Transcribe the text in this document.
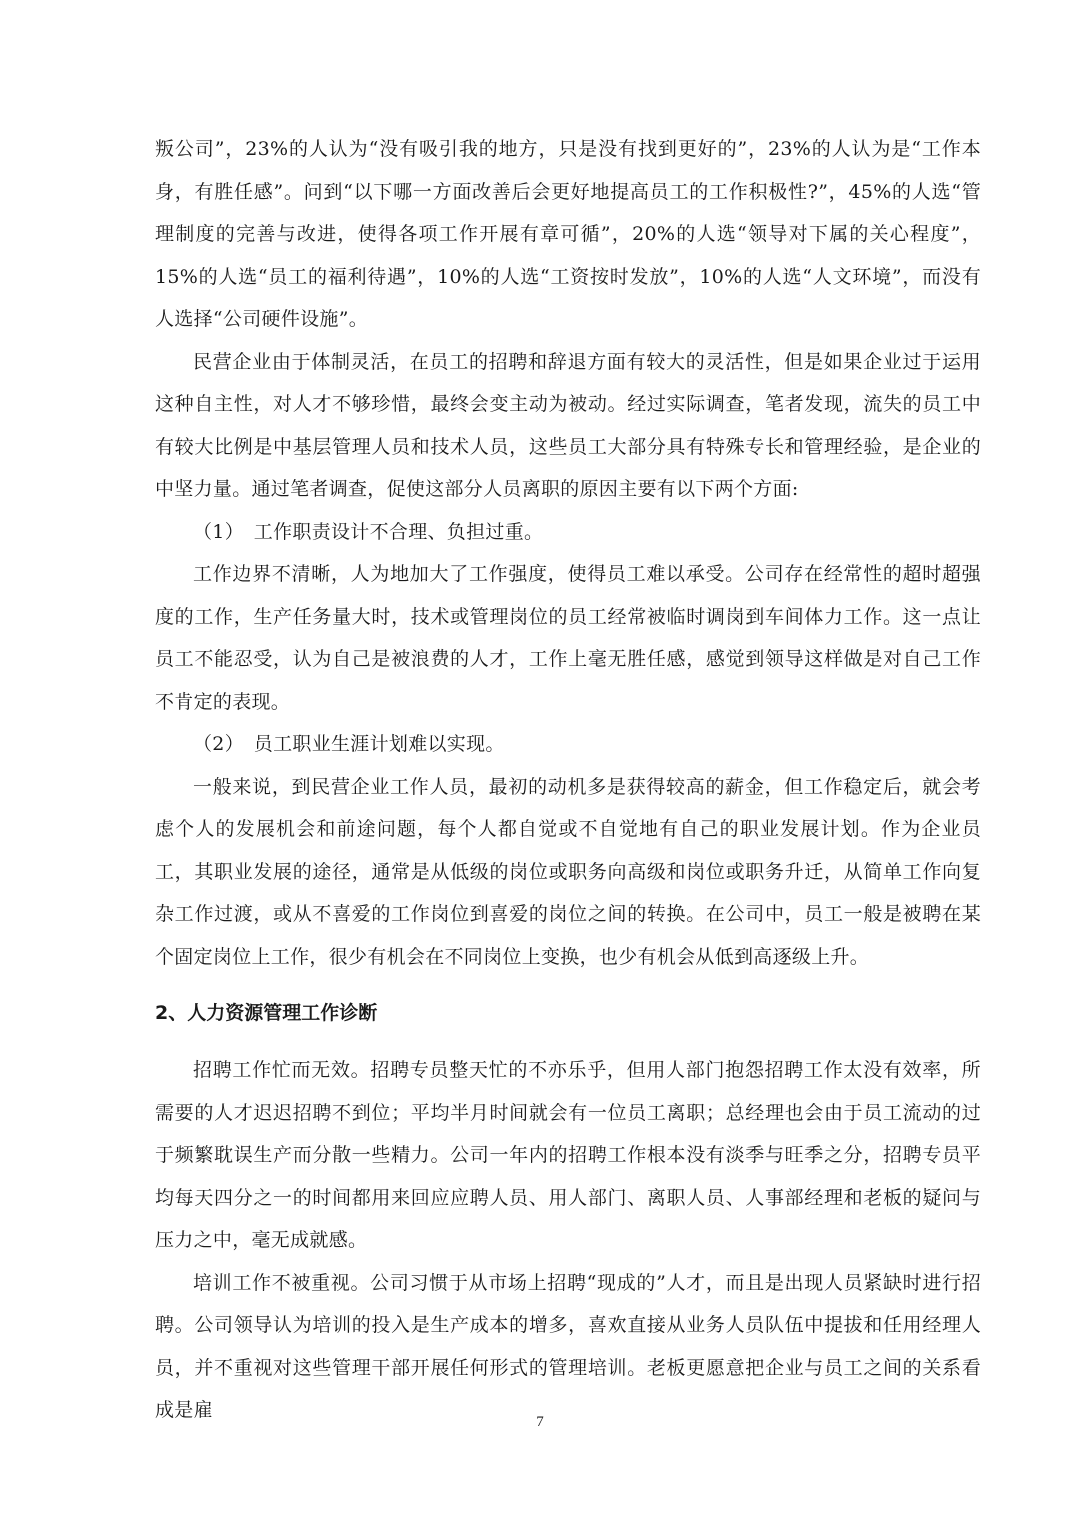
叛公司”，23%的人认为“没有吸引我的地方，只是没有找到更好的”，23%的人认为是“工作本身，有胜任感”。问到“以下哪一方面改善后会更好地提高员工的工作积极性?”，45%的人选“管理制度的完善与改进，使得各项工作开展有章可循”，20%的人选“领导对下属的关心程度”，15%的人选“员工的福利待遇”，10%的人选“工资按时发放”，10%的人选“人文环境”，而没有人选择“公司硬件设施”。

民营企业由于体制灵活，在员工的招聘和辞退方面有较大的灵活性，但是如果企业过于运用这种自主性，对人才不够珍惜，最终会变主动为被动。经过实际调查，笔者发现，流失的员工中有较大比例是中基层管理人员和技术人员，这些员工大部分具有特殊专长和管理经验，是企业的中坚力量。通过笔者调查，促使这部分人员离职的原因主要有以下两个方面:

（1）　工作职责设计不合理、负担过重。

工作边界不清晰，人为地加大了工作强度，使得员工难以承受。公司存在经常性的超时超强度的工作，生产任务量大时，技术或管理岗位的员工经常被临时调岗到车间体力工作。这一点让员工不能忍受，认为自己是被浪费的人才，工作上毫无胜任感，感觉到领导这样做是对自己工作不肯定的表现。

（2）　员工职业生涯计划难以实现。

一般来说，到民营企业工作人员，最初的动机多是获得较高的薪金，但工作稳定后，就会考虑个人的发展机会和前途问题，每个人都自觉或不自觉地有自己的职业发展计划。作为企业员工，其职业发展的途径，通常是从低级的岗位或职务向高级和岗位或职务升迁，从简单工作向复杂工作过渡，或从不喜爱的工作岗位到喜爱的岗位之间的转换。在公司中，员工一般是被聘在某个固定岗位上工作，很少有机会在不同岗位上变换，也少有机会从低到高逐级上升。

2、人力资源管理工作诊断

招聘工作忙而无效。招聘专员整天忙的不亦乐乎，但用人部门抱怨招聘工作太没有效率，所需要的人才迟迟招聘不到位；平均半月时间就会有一位员工离职；总经理也会由于员工流动的过于频繁耽误生产而分散一些精力。公司一年内的招聘工作根本没有淡季与旺季之分，招聘专员平均每天四分之一的时间都用来回应应聘人员、用人部门、离职人员、人事部经理和老板的疑问与压力之中，毫无成就感。

培训工作不被重视。公司习惯于从市场上招聘“现成的”人才，而且是出现人员紧缺时进行招聘。公司领导认为培训的投入是生产成本的增多，喜欢直接从业务人员队伍中提拔和任用经理人员，并不重视对这些管理干部开展任何形式的管理培训。老板更愿意把企业与员工之间的关系看成是雇

7
